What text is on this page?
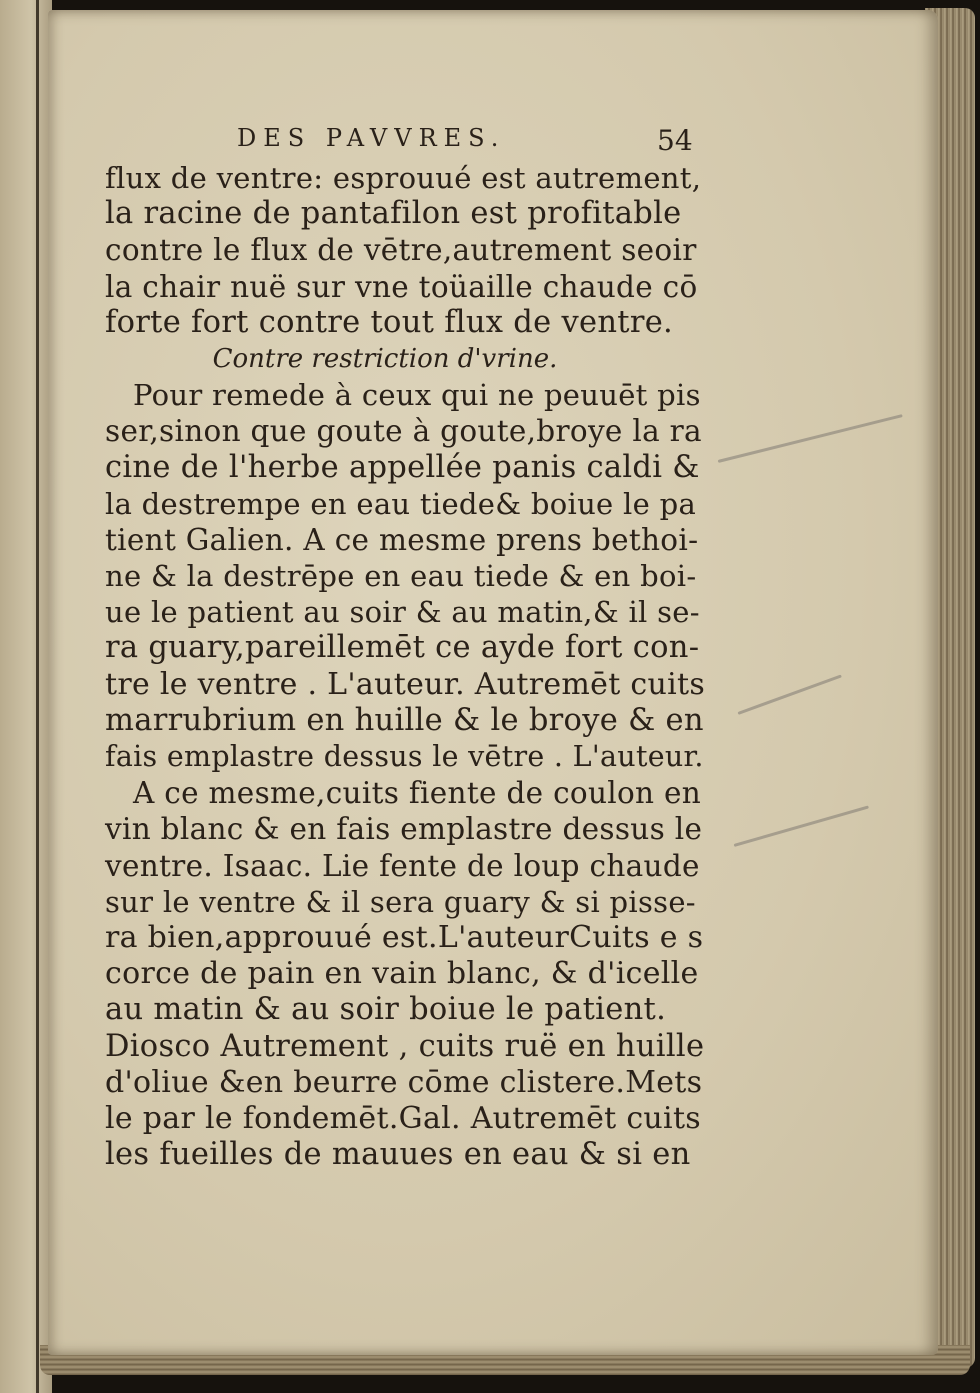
DES PAVVRES.	54
flux de ventre: esprouué est autrement,
la racine de pantafilon est profitable
contre le flux de vētre,autrement seoir
la chair nuë sur vne toüaille chaude cō
forte fort contre tout flux de ventre.
Contre restriction d'vrine.
Pour remede à ceux qui ne peuuēt pis
ser,sinon que goute à goute,broye la ra
cine de l'herbe appellée panis caldi &
la destrempe en eau tiede& boiue le pa
tient Galien. A ce mesme prens bethoi-
ne & la destrēpe en eau tiede & en boi-
ue le patient au soir & au matin,& il se-
ra guary,pareillemēt ce ayde fort con-
tre le ventre . L'auteur. Autremēt cuits
marrubrium en huille & le broye & en
fais emplastre dessus le vētre . L'auteur.
A ce mesme,cuits fiente de coulon en
vin blanc & en fais emplastre dessus le
ventre. Isaac. Lie fente de loup chaude
sur le ventre & il sera guary & si pisse-
ra bien,approuué est.L'auteurCuits e s
corce de pain en vain blanc, & d'icelle
au matin & au soir boiue le patient.
Diosco Autrement , cuits ruë en huille
d'oliue &en beurre cōme clistere.Mets
le par le fondemēt.Gal. Autremēt cuits
les fueilles de mauues en eau & si en
